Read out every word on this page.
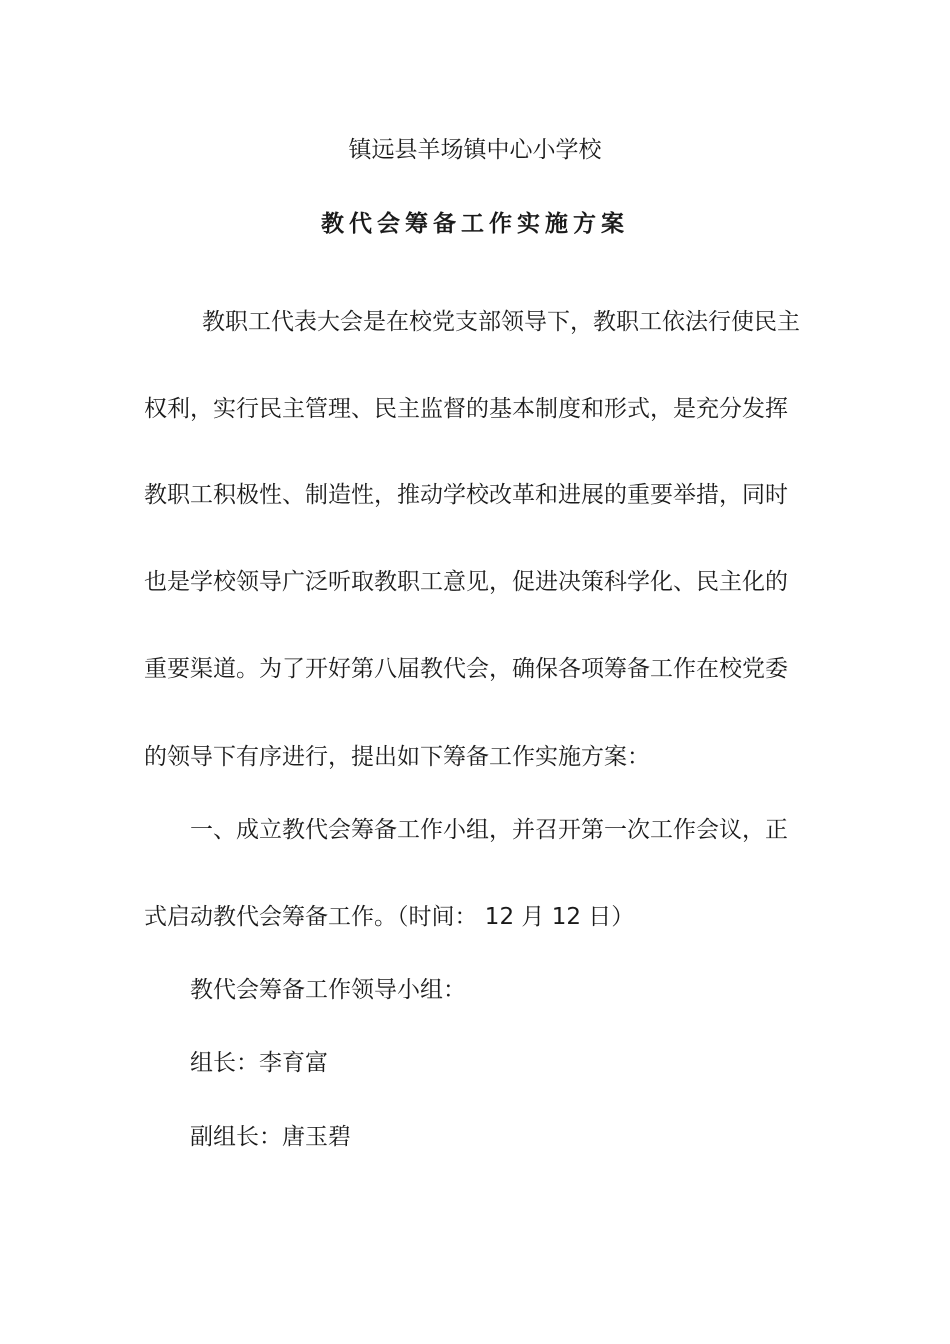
镇远县羊场镇中心小学校
教代会筹备工作实施方案
教职工代表大会是在校党支部领导下，教职工依法行使民主
权利，实行民主管理、民主监督的基本制度和形式，是充分发挥
教职工积极性、制造性，推动学校改革和进展的重要举措，同时
也是学校领导广泛听取教职工意见，促进决策科学化、民主化的
重要渠道。为了开好第八届教代会，确保各项筹备工作在校党委
的领导下有序进行，提出如下筹备工作实施方案：
一、成立教代会筹备工作小组，并召开第一次工作会议，正
式启动教代会筹备工作。（时间： 12 月 12 日）
教代会筹备工作领导小组：
组长：李育富
副组长：唐玉碧
